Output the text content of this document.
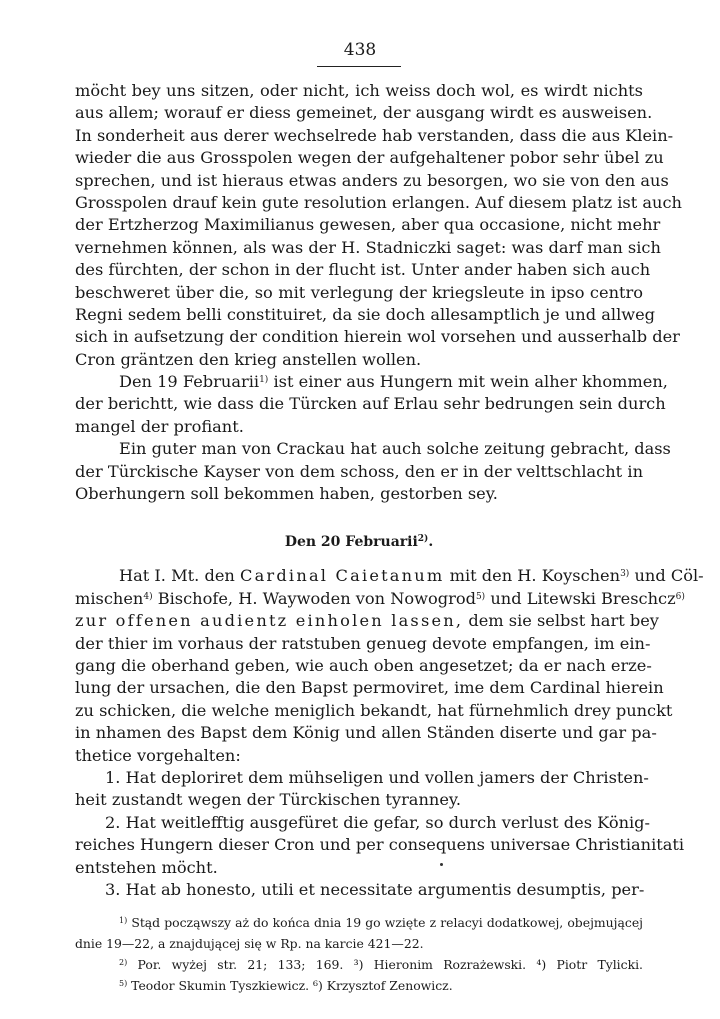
438
möcht bey uns sitzen, oder nicht, ich weiss doch wol, es wirdt nichts
aus allem; worauf er diess gemeinet, der ausgang wirdt es ausweisen.
In sonderheit aus derer wechselrede hab verstanden, dass die aus Klein-
wieder die aus Grosspolen wegen der aufgehaltener pobor sehr übel zu
sprechen, und ist hieraus etwas anders zu besorgen, wo sie von den aus
Grosspolen drauf kein gute resolution erlangen. Auf diesem platz ist auch
der Ertzherzog Maximilianus gewesen, aber qua occasione, nicht mehr
vernehmen können, als was der H. Stadniczki saget: was darf man sich
des fürchten, der schon in der flucht ist. Unter ander haben sich auch
beschweret über die, so mit verlegung der kriegsleute in ipso centro
Regni sedem belli constituiret, da sie doch allesamptlich je und allweg
sich in aufsetzung der condition hierein wol vorsehen und ausserhalb der
Cron gräntzen den krieg anstellen wollen.
Den 19 Februarii$^{1)}$ ist einer aus Hungern mit wein alher khommen,
der berichtt, wie dass die Türcken auf Erlau sehr bedrungen sein durch
mangel der profiant.
Ein guter man von Crackau hat auch solche zeitung gebracht, dass
der Türckische Kayser von dem schoss, den er in der velttschlacht in
Oberhungern soll bekommen haben, gestorben sey.
Den 20 Februarii$^{2)}$.
Hat I. Mt. den Cardinal Caietanum mit den H. Koyschen$^{3)}$ und Cöl-
mischen$^{4)}$ Bischofe, H. Waywoden von Nowogrod$^{5)}$ und Litewski Breschcz$^{6)}$
zur offenen audientz einholen lassen, dem sie selbst hart bey
der thier im vorhaus der ratstuben genueg devote empfangen, im ein-
gang die oberhand geben, wie auch oben angesetzet; da er nach erze-
lung der ursachen, die den Bapst permoviret, ime dem Cardinal hierein
zu schicken, die welche meniglich bekandt, hat fürnehmlich drey punckt
in nhamen des Bapst dem König und allen Ständen diserte und gar pa-
thetice vorgehalten:
1. Hat deploriret dem mühseligen und vollen jamers der Christen-
heit zustandt wegen der Türckischen tyranney.
2. Hat weitlefftig ausgefüret die gefar, so durch verlust des König-
reiches Hungern dieser Cron und per consequens universae Christianitati
entstehen möcht.
3. Hat ab honesto, utili et necessitate argumentis desumptis, per-
$^{1)}$ Stąd począwszy aż do końca dnia 19 go wzięte z relacyi dodatkowej, obejmującej
dnie 19—22, a znajdującej się w Rp. na karcie 421—22.
$^{2)}$ Por. wyżej str. 21; 133; 169. ³) Hieronim Rozrażewski. ⁴) Piotr Tylicki.
$^{5)}$ Teodor Skumin Tyszkiewicz. ⁶) Krzysztof Zenowicz.
